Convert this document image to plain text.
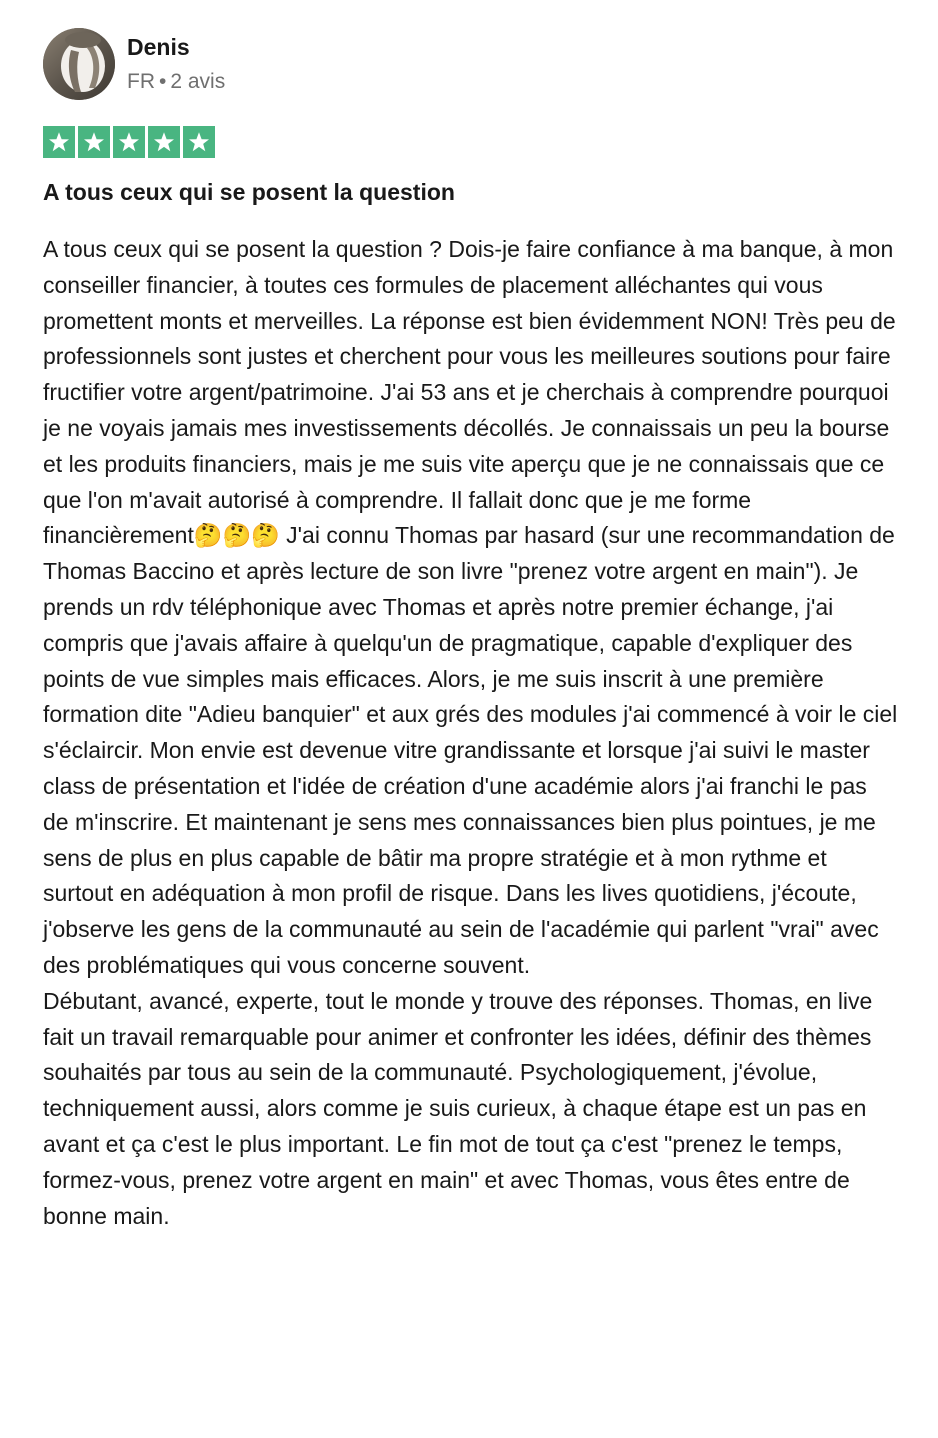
Denis
FR • 2 avis
A tous ceux qui se posent la question
A tous ceux qui se posent la question ? Dois-je faire confiance à ma banque, à mon conseiller financier, à toutes ces formules de placement alléchantes qui vous promettent monts et merveilles. La réponse est bien évidemment NON! Très peu de professionnels sont justes et cherchent pour vous les meilleures soutions pour faire fructifier votre argent/patrimoine. J'ai 53 ans et je cherchais à comprendre pourquoi je ne voyais jamais mes investissements décollés. Je connaissais un peu la bourse et les produits financiers, mais je me suis vite aperçu que je ne connaissais que ce que l'on m'avait autorisé à comprendre. Il fallait donc que je me forme financièrement🤔🤔🤔 J'ai connu Thomas par hasard (sur une recommandation de Thomas Baccino et après lecture de son livre "prenez votre argent en main"). Je prends un rdv téléphonique avec Thomas et après notre premier échange, j'ai compris que j'avais affaire à quelqu'un de pragmatique, capable d'expliquer des points de vue simples mais efficaces. Alors, je me suis inscrit à une première formation dite "Adieu banquier" et aux grés des modules j'ai commencé à voir le ciel s'éclaircir. Mon envie est devenue vitre grandissante et lorsque j'ai suivi le master class de présentation et l'idée de création d'une académie alors j'ai franchi le pas de m'inscrire. Et maintenant je sens mes connaissances bien plus pointues, je me sens de plus en plus capable de bâtir ma propre stratégie et à mon rythme et surtout en adéquation à mon profil de risque. Dans les lives quotidiens, j'écoute, j'observe les gens de la communauté au sein de l'académie qui parlent "vrai" avec des problématiques qui vous concerne souvent.
Débutant, avancé, experte, tout le monde y trouve des réponses. Thomas, en live fait un travail remarquable pour animer et confronter les idées, définir des thèmes souhaités par tous au sein de la communauté. Psychologiquement, j'évolue, techniquement aussi, alors comme je suis curieux, à chaque étape est un pas en avant et ça c'est le plus important. Le fin mot de tout ça c'est "prenez le temps, formez-vous, prenez votre argent en main" et avec Thomas, vous êtes entre de bonne main.
